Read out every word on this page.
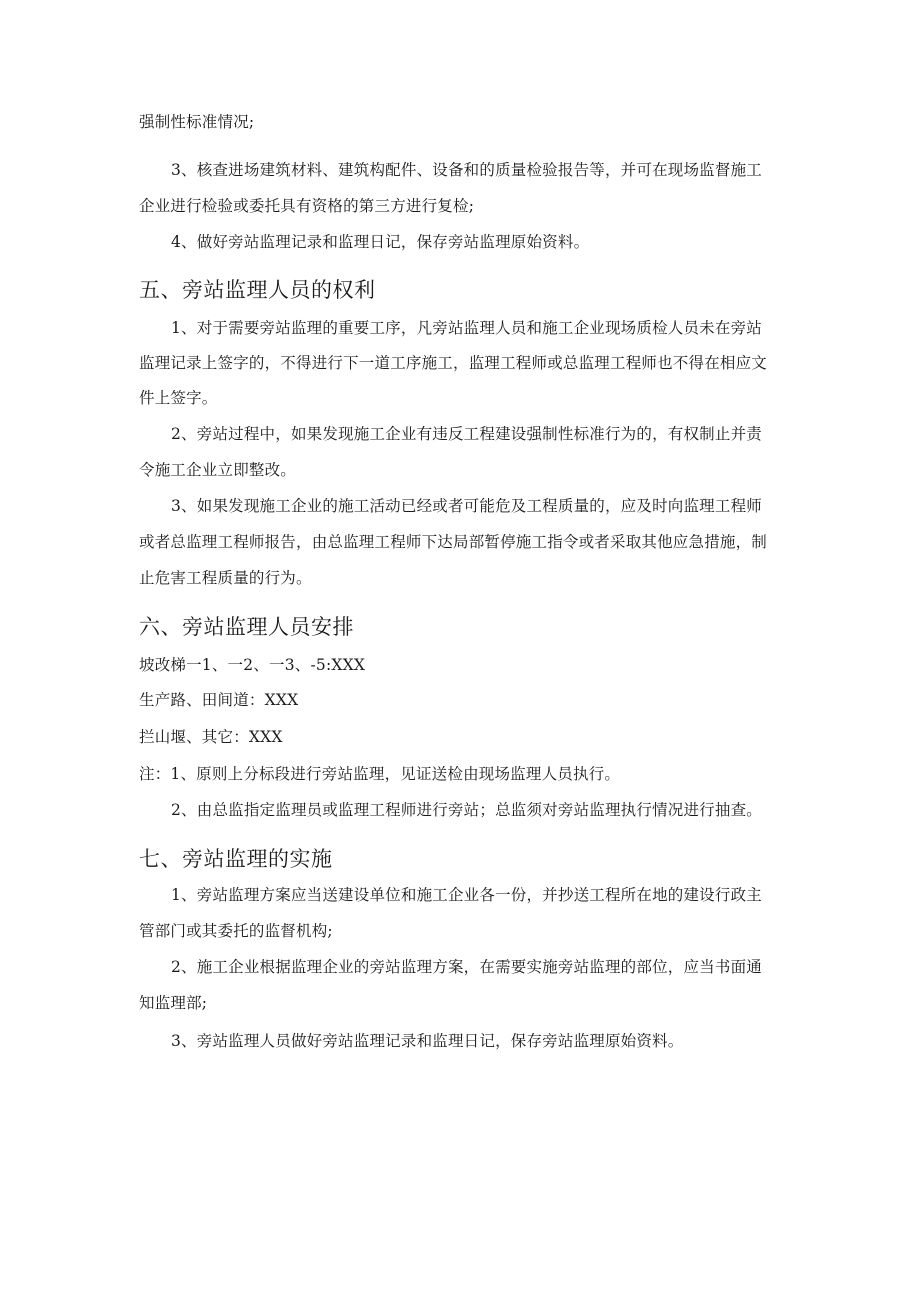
强制性标准情况;
3、核查进场建筑材料、建筑构配件、设备和的质量检验报告等，并可在现场监督施工
企业进行检验或委托具有资格的第三方进行复检;
4、做好旁站监理记录和监理日记，保存旁站监理原始资料。
五、旁站监理人员的权利
1、对于需要旁站监理的重要工序，凡旁站监理人员和施工企业现场质检人员未在旁站
监理记录上签字的，不得进行下一道工序施工，监理工程师或总监理工程师也不得在相应文
件上签字。
2、旁站过程中，如果发现施工企业有违反工程建设强制性标准行为的，有权制止并责
令施工企业立即整改。
3、如果发现施工企业的施工活动已经或者可能危及工程质量的，应及时向监理工程师
或者总监理工程师报告，由总监理工程师下达局部暂停施工指令或者采取其他应急措施，制
止危害工程质量的行为。
六、旁站监理人员安排
坡改梯一1、一2、一3、-5:XXX
生产路、田间道：XXX
拦山堰、其它：XXX
注：1、原则上分标段进行旁站监理，见证送检由现场监理人员执行。
2、由总监指定监理员或监理工程师进行旁站；总监须对旁站监理执行情况进行抽查。
七、旁站监理的实施
1、旁站监理方案应当送建设单位和施工企业各一份，并抄送工程所在地的建设行政主
管部门或其委托的监督机构;
2、施工企业根据监理企业的旁站监理方案，在需要实施旁站监理的部位，应当书面通
知监理部;
3、旁站监理人员做好旁站监理记录和监理日记，保存旁站监理原始资料。
